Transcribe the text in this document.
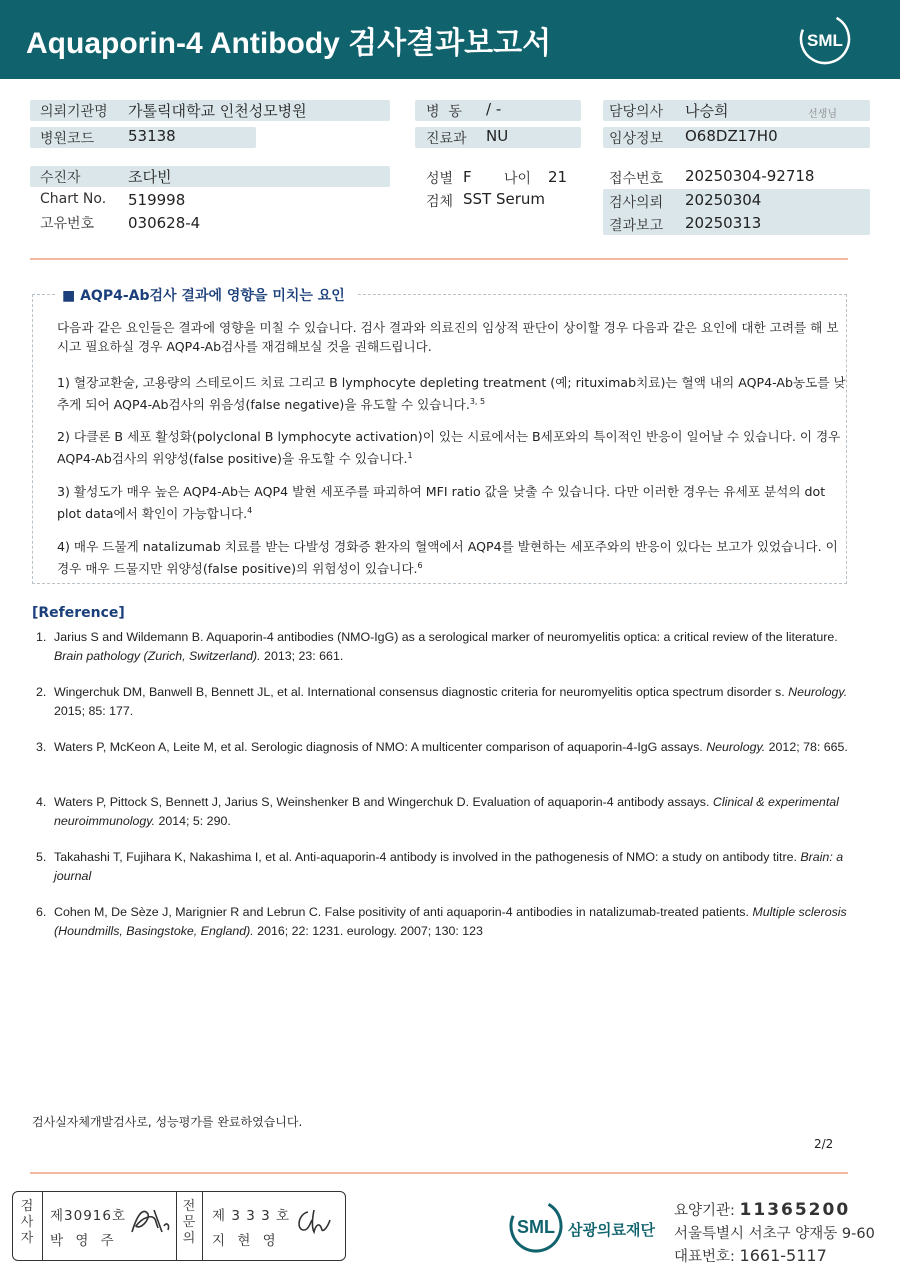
Aquaporin-4 Antibody 검사결과보고서	SML
의뢰기관명 가톨릭대학교 인천성모병원
병원코드 53138
병  동 / -
진료과 NU
담당의사 나승희	선생님
임상정보 O68DZ17H0
수진자	조다빈
Chart No. 519998
고유번호 030628-4
성별 F 나이 21
검체 SST Serum
접수번호 20250304-92718
검사의뢰 20250304
결과보고 20250313
■ AQP4-Ab검사 결과에 영향을 미치는 요인
다음과 같은 요인들은 결과에 영향을 미칠 수 있습니다. 검사 결과와 의료진의 임상적 판단이 상이할 경우 다음과 같은 요인에 대한 고려를 해 보시고 필요하실 경우 AQP4-Ab검사를 재검해보실 것을 권해드립니다.
1) 혈장교환술, 고용량의 스테로이드 치료 그리고 B lymphocyte depleting treatment (예; rituximab치료)는 혈액 내의 AQP4-Ab농도를 낮추게 되어 AQP4-Ab검사의 위음성(false negative)을 유도할 수 있습니다.$^{3, 5}$
2) 다클론 B 세포 활성화(polyclonal B lymphocyte activation)이 있는 시료에서는 B세포와의 특이적인 반응이 일어날 수 있습니다. 이 경우 AQP4-Ab검사의 위양성(false positive)을 유도할 수 있습니다.$^1$
3) 활성도가 매우 높은 AQP4-Ab는 AQP4 발현 세포주를 파괴하여 MFI ratio 값을 낮출 수 있습니다. 다만 이러한 경우는 유세포 분석의 dot plot data에서 확인이 가능합니다.$^4$
4) 매우 드물게 natalizumab 치료를 받는 다발성 경화증 환자의 혈액에서 AQP4를 발현하는 세포주와의 반응이 있다는 보고가 있었습니다. 이 경우 매우 드물지만 위양성(false positive)의 위험성이 있습니다.$^6$
[Reference]
1. Jarius S and Wildemann B. Aquaporin-4 antibodies (NMO-IgG) as a serological marker of neuromyelitis optica: a critical review of the literature. Brain pathology (Zurich, Switzerland). 2013; 23: 661.
2. Wingerchuk DM, Banwell B, Bennett JL, et al. International consensus diagnostic criteria for neuromyelitis optica spectrum disorder s. Neurology. 2015; 85: 177.
3. Waters P, McKeon A, Leite M, et al. Serologic diagnosis of NMO: A multicenter comparison of aquaporin-4-IgG assays. Neurology. 2012; 78: 665.
4. Waters P, Pittock S, Bennett J, Jarius S, Weinshenker B and Wingerchuk D. Evaluation of aquaporin-4 antibody assays. Clinical & experimental neuroimmunology. 2014; 5: 290.
5. Takahashi T, Fujihara K, Nakashima I, et al. Anti-aquaporin-4 antibody is involved in the pathogenesis of NMO: a study on antibody titre. Brain: a journal
6. Cohen M, De Sèze J, Marignier R and Lebrun C. False positivity of anti aquaporin-4 antibodies in natalizumab-treated patients. Multiple sclerosis (Houndmills, Basingstoke, England). 2016; 22: 1231. eurology. 2007; 130: 123
검사실자체개발검사로, 성능평가를 완료하였습니다.
2/2
검사자
제30916호
박 영 주
전문의
제 3 3 3 호
지 현 영
SML 삼광의료재단
요양기관: 11365200
서울특별시 서초구 양재동 9-60
대표번호: 1661-5117
